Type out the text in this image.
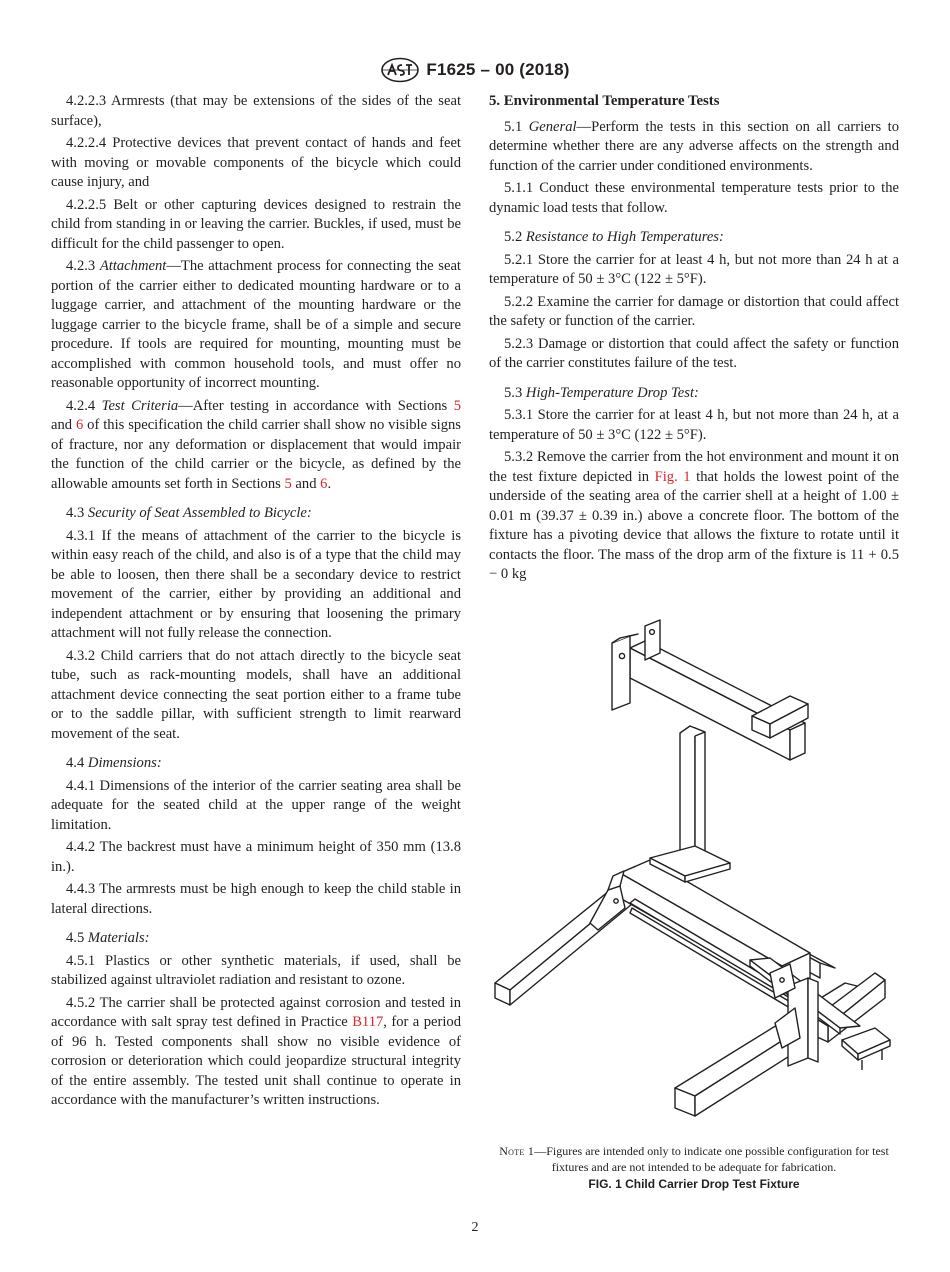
F1625 – 00 (2018)

4.2.2.3 Armrests (that may be extensions of the sides of the seat surface),

4.2.2.4 Protective devices that prevent contact of hands and feet with moving or movable components of the bicycle which could cause injury, and

4.2.2.5 Belt or other capturing devices designed to restrain the child from standing in or leaving the carrier. Buckles, if used, must be difficult for the child passenger to open.

4.2.3 Attachment—The attachment process for connecting the seat portion of the carrier either to dedicated mounting hardware or to a luggage carrier, and attachment of the mounting hardware or the luggage carrier to the bicycle frame, shall be of a simple and secure procedure. If tools are required for mounting, mounting must be accomplished with common household tools, and must offer no reasonable opportunity of incorrect mounting.

4.2.4 Test Criteria—After testing in accordance with Sections 5 and 6 of this specification the child carrier shall show no visible signs of fracture, nor any deformation or displacement that would impair the function of the child carrier or the bicycle, as defined by the allowable amounts set forth in Sections 5 and 6.

4.3 Security of Seat Assembled to Bicycle:

4.3.1 If the means of attachment of the carrier to the bicycle is within easy reach of the child, and also is of a type that the child may be able to loosen, then there shall be a secondary device to restrict movement of the carrier, either by providing an additional and independent attachment or by ensuring that loosening the primary attachment will not fully release the connection.

4.3.2 Child carriers that do not attach directly to the bicycle seat tube, such as rack-mounting models, shall have an additional attachment device connecting the seat portion either to a frame tube or to the saddle pillar, with sufficient strength to limit rearward movement of the seat.

4.4 Dimensions:

4.4.1 Dimensions of the interior of the carrier seating area shall be adequate for the seated child at the upper range of the weight limitation.

4.4.2 The backrest must have a minimum height of 350 mm (13.8 in.).

4.4.3 The armrests must be high enough to keep the child stable in lateral directions.

4.5 Materials:

4.5.1 Plastics or other synthetic materials, if used, shall be stabilized against ultraviolet radiation and resistant to ozone.

4.5.2 The carrier shall be protected against corrosion and tested in accordance with salt spray test defined in Practice B117, for a period of 96 h. Tested components shall show no visible evidence of corrosion or deterioration which could jeopardize structural integrity of the entire assembly. The tested unit shall continue to operate in accordance with the manufacturer’s written instructions.

5. Environmental Temperature Tests

5.1 General—Perform the tests in this section on all carriers to determine whether there are any adverse affects on the strength and function of the carrier under conditioned environments.

5.1.1 Conduct these environmental temperature tests prior to the dynamic load tests that follow.

5.2 Resistance to High Temperatures:

5.2.1 Store the carrier for at least 4 h, but not more than 24 h at a temperature of 50 ± 3°C (122 ± 5°F).

5.2.2 Examine the carrier for damage or distortion that could affect the safety or function of the carrier.

5.2.3 Damage or distortion that could affect the safety or function of the carrier constitutes failure of the test.

5.3 High-Temperature Drop Test:

5.3.1 Store the carrier for at least 4 h, but not more than 24 h, at a temperature of 50 ± 3°C (122 ± 5°F).

5.3.2 Remove the carrier from the hot environment and mount it on the test fixture depicted in Fig. 1 that holds the lowest point of the underside of the seating area of the carrier shell at a height of 1.00 ± 0.01 m (39.37 ± 0.39 in.) above a concrete floor. The bottom of the fixture has a pivoting device that allows the fixture to rotate until it contacts the floor. The mass of the drop arm of the fixture is 11 + 0.5 − 0 kg

Note 1—Figures are intended only to indicate one possible configuration for test fixtures and are not intended to be adequate for fabrication.
FIG. 1 Child Carrier Drop Test Fixture
2
